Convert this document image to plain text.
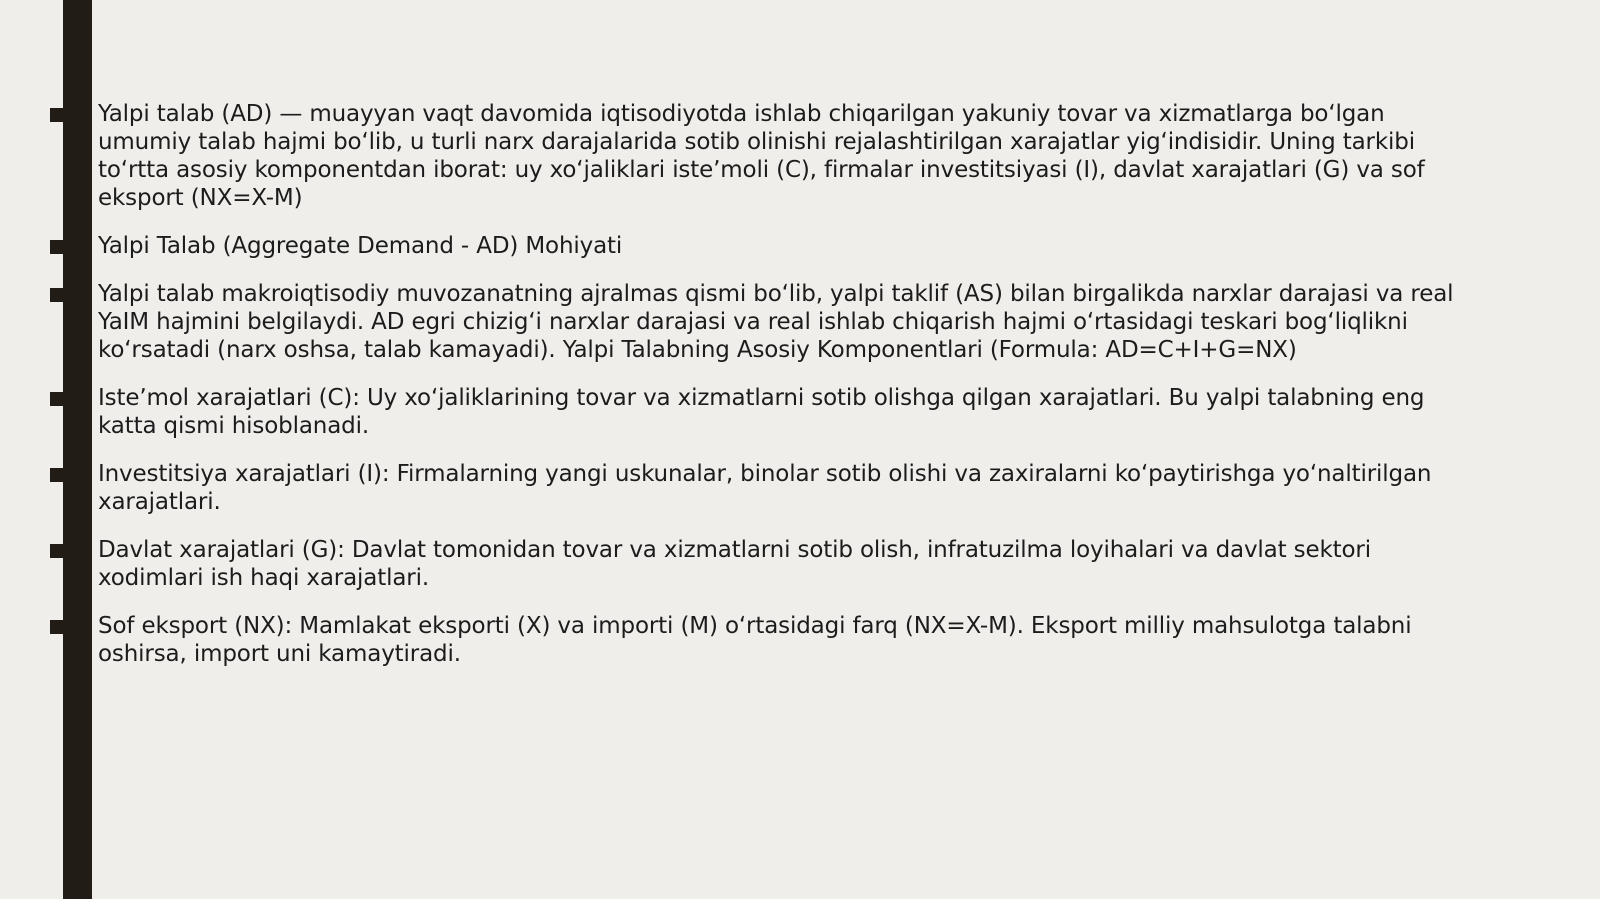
Yalpi talab (AD) — muayyan vaqt davomida iqtisodiyotda ishlab chiqarilgan yakuniy tovar va xizmatlarga boʻlgan umumiy talab hajmi boʻlib, u turli narx darajalarida sotib olinishi rejalashtirilgan xarajatlar yigʻindisidir. Uning tarkibi toʻrtta asosiy komponentdan iborat: uy xoʻjaliklari isteʼmoli (C), firmalar investitsiyasi (I), davlat xarajatlari (G) va sof eksport (NX=X-M)
Yalpi Talab (Aggregate Demand - AD) Mohiyati
Yalpi talab makroiqtisodiy muvozanatning ajralmas qismi boʻlib, yalpi taklif (AS) bilan birgalikda narxlar darajasi va real YaIM hajmini belgilaydi. AD egri chizigʻi narxlar darajasi va real ishlab chiqarish hajmi oʻrtasidagi teskari bogʻliqlikni koʻrsatadi (narx oshsa, talab kamayadi). Yalpi Talabning Asosiy Komponentlari (Formula: AD=C+I+G=NX)
Isteʼmol xarajatlari (C): Uy xoʻjaliklarining tovar va xizmatlarni sotib olishga qilgan xarajatlari. Bu yalpi talabning eng katta qismi hisoblanadi.
Investitsiya xarajatlari (I): Firmalarning yangi uskunalar, binolar sotib olishi va zaxiralarni koʻpaytirishga yoʻnaltirilgan xarajatlari.
Davlat xarajatlari (G): Davlat tomonidan tovar va xizmatlarni sotib olish, infratuzilma loyihalari va davlat sektori xodimlari ish haqi xarajatlari.
Sof eksport (NX): Mamlakat eksporti (X) va importi (M) oʻrtasidagi farq (NX=X-M). Eksport milliy mahsulotga talabni oshirsa, import uni kamaytiradi.
